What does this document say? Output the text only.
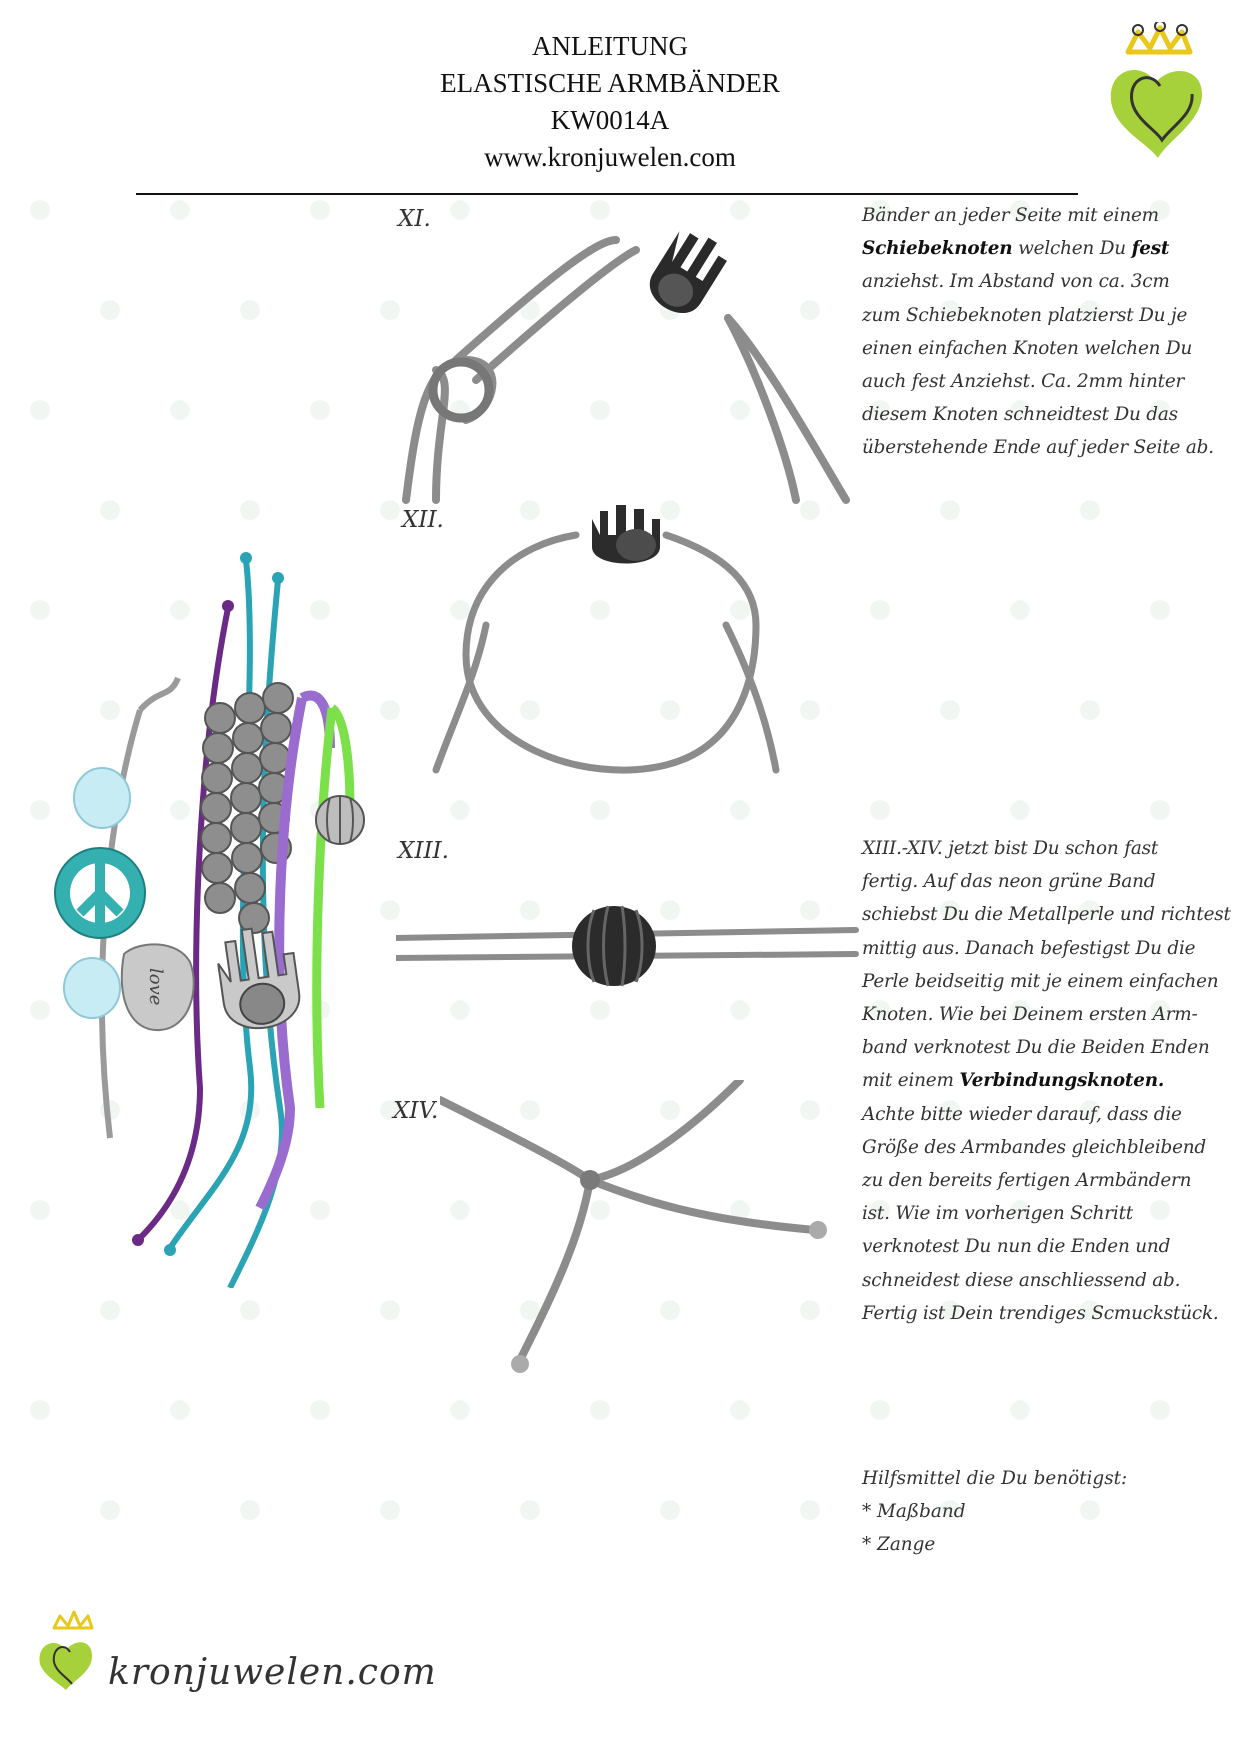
ANLEITUNG
ELASTISCHE ARMBÄNDER
KW0014A
www.kronjuwelen.com
XI.
XII.
XIII.
XIV.
love
Bänder an jeder Seite mit einem
Schiebeknoten welchen Du fest
anziehst. Im Abstand von ca. 3cm
zum Schiebeknoten platzierst Du je
einen einfachen Knoten welchen Du
auch fest Anziehst. Ca. 2mm hinter
diesem Knoten schneidtest Du das
überstehende Ende auf jeder Seite ab.
XIII.-XIV. jetzt bist Du schon fast
fertig. Auf das neon grüne Band
schiebst Du die Metallperle und richtest
mittig aus. Danach befestigst Du die
Perle beidseitig mit je einem einfachen
Knoten. Wie bei Deinem ersten Arm-
band verknotest Du die Beiden Enden
mit einem Verbindungsknoten.
Achte bitte wieder darauf, dass die
Größe des Armbandes gleichbleibend
zu den bereits fertigen Armbändern
ist. Wie im vorherigen Schritt
verknotest Du nun die Enden und
schneidest diese anschliessend ab.
Fertig ist Dein trendiges Scmuckstück.
Hilfsmittel die Du benötigst:
* Maßband
* Zange
kronjuwelen.com
